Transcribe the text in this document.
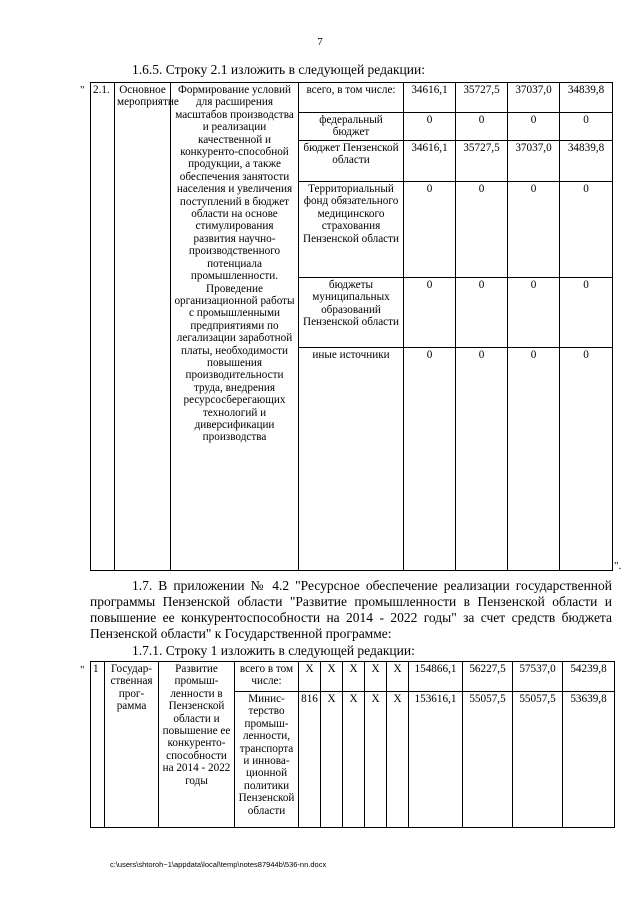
7
1.6.5. Строку 2.1 изложить в следующей редакции:
" 2.1.	Основное мероприятие	Формирование условий для расширения масштабов производства и реализации качественной и конкуренто-способной продукции, а также обеспечения занятости населения и увеличения поступлений в бюджет области на основе стимулирования развития научно-производственного потенциала промышленности. Проведение организационной работы с промышленными предприятиями по легализации заработной платы, необходимости повышения производительности труда, внедрения ресурсосберегающих технологий и диверсификации производства	всего, в том числе:	34616,1	35727,5	37037,0	34839,8
			федеральный бюджет	0	0	0	0
			бюджет Пензенской области	34616,1	35727,5	37037,0	34839,8
			Территориальный фонд обязательного медицинского страхования Пензенской области	0	0	0	0
			бюджеты муниципальных образований Пензенской области	0	0	0	0
			иные источники	0	0	0	0
".
1.7. В приложении № 4.2 "Ресурсное обеспечение реализации государственной программы Пензенской области "Развитие промышленности в Пензенской области и повышение ее конкурентоспособности на 2014 - 2022 годы" за счет средств бюджета Пензенской области" к Государственной программе:
1.7.1. Строку 1 изложить в следующей редакции:
" 1	Государ-ственная прог-рамма	Развитие промыш-ленности в Пензенской области и повышение ее конкуренто-способности на 2014 - 2022 годы	всего в том числе:	X	X	X	X	X	154866,1	56227,5	57537,0	54239,8
			Минис-терство промыш-ленности, транспорта и иннова-ционной политики Пензенской области	816	X	X	X	X	153616,1	55057,5	55057,5	53639,8
c:\users\shtoroh~1\appdata\local\temp\notes87944b\536-nn.docx
